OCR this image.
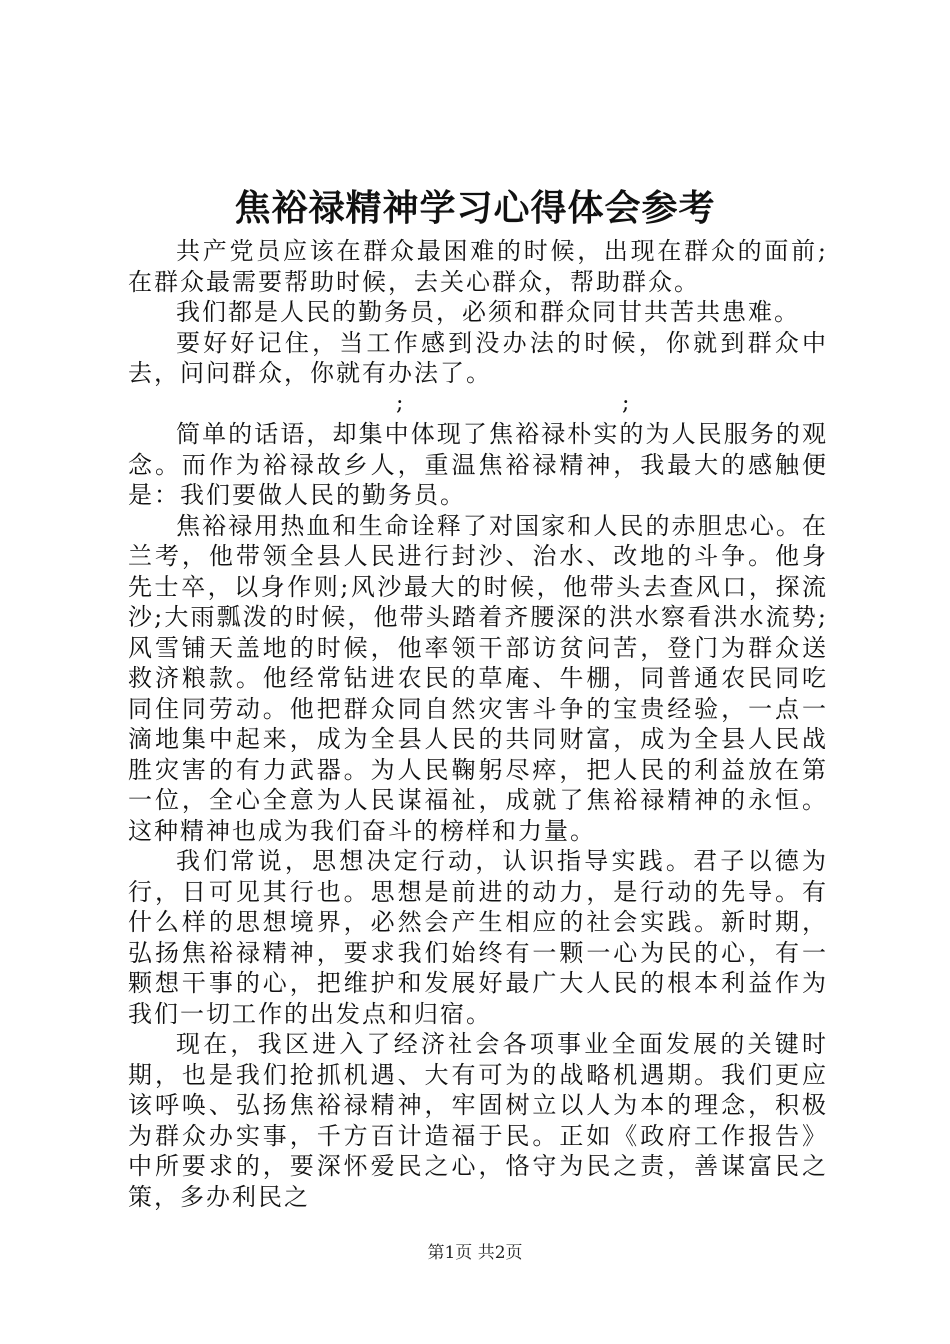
焦裕禄精神学习心得体会参考

共产党员应该在群众最困难的时候，出现在群众的面前;在群众最需要帮助时候，去关心群众，帮助群众。

我们都是人民的勤务员，必须和群众同甘共苦共患难。

要好好记住，当工作感到没办法的时候，你就到群众中去，问问群众，你就有办法了。

;	;

简单的话语，却集中体现了焦裕禄朴实的为人民服务的观念。而作为裕禄故乡人，重温焦裕禄精神，我最大的感触便是：我们要做人民的勤务员。

焦裕禄用热血和生命诠释了对国家和人民的赤胆忠心。在兰考，他带领全县人民进行封沙、治水、改地的斗争。他身先士卒，以身作则;风沙最大的时候，他带头去查风口，探流沙;大雨瓢泼的时候，他带头踏着齐腰深的洪水察看洪水流势;风雪铺天盖地的时候，他率领干部访贫问苦，登门为群众送救济粮款。他经常钻进农民的草庵、牛棚，同普通农民同吃同住同劳动。他把群众同自然灾害斗争的宝贵经验，一点一滴地集中起来，成为全县人民的共同财富，成为全县人民战胜灾害的有力武器。为人民鞠躬尽瘁，把人民的利益放在第一位，全心全意为人民谋福祉，成就了焦裕禄精神的永恒。这种精神也成为我们奋斗的榜样和力量。

我们常说，思想决定行动，认识指导实践。君子以德为行，日可见其行也。思想是前进的动力，是行动的先导。有什么样的思想境界，必然会产生相应的社会实践。新时期，弘扬焦裕禄精神，要求我们始终有一颗一心为民的心，有一颗想干事的心，把维护和发展好最广大人民的根本利益作为我们一切工作的出发点和归宿。

现在，我区进入了经济社会各项事业全面发展的关键时期，也是我们抢抓机遇、大有可为的战略机遇期。我们更应该呼唤、弘扬焦裕禄精神，牢固树立以人为本的理念，积极为群众办实事，千方百计造福于民。正如《政府工作报告》中所要求的，要深怀爱民之心，恪守为民之责，善谋富民之策，多办利民之

第1页 共2页
